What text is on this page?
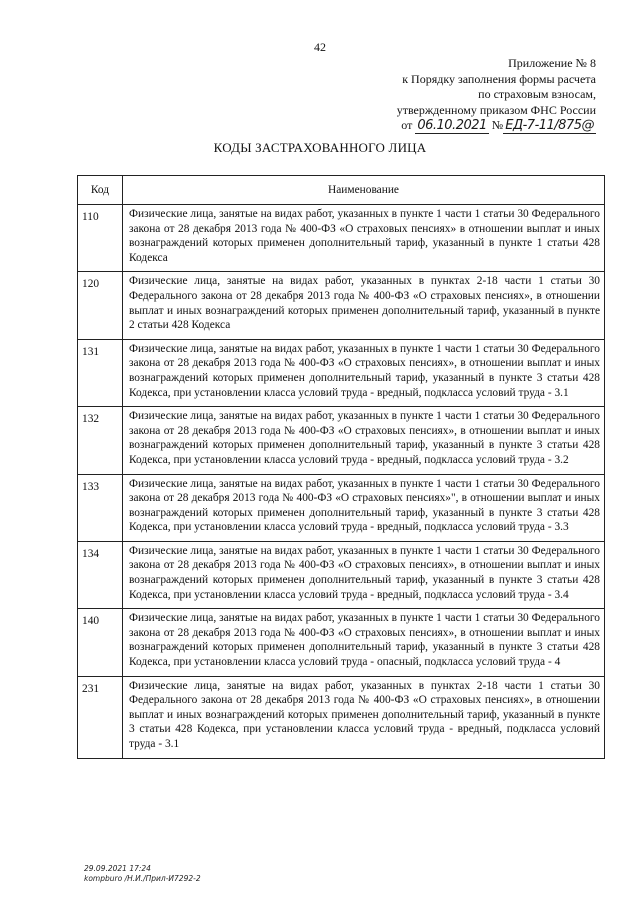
42
Приложение № 8
к Порядку заполнения формы расчета
по страховым взносам,
утвержденному приказом ФНС России
от 06.10.2021 № ЕД-7-11/875@
КОДЫ ЗАСТРАХОВАННОГО ЛИЦА
Код	Наименование
110	Физические лица, занятые на видах работ, указанных в пункте 1 части 1 статьи 30 Федерального закона от 28 декабря 2013 года № 400-ФЗ «О страховых пенсиях» в отношении выплат и иных вознаграждений которых применен дополнительный тариф, указанный в пункте 1 статьи 428 Кодекса
120	Физические лица, занятые на видах работ, указанных в пунктах 2-18 части 1 статьи 30 Федерального закона от 28 декабря 2013 года № 400-ФЗ «О страховых пенсиях», в отношении выплат и иных вознаграждений которых применен дополнительный тариф, указанный в пункте 2 статьи 428 Кодекса
131	Физические лица, занятые на видах работ, указанных в пункте 1 части 1 статьи 30 Федерального закона от 28 декабря 2013 года № 400-ФЗ «О страховых пенсиях», в отношении выплат и иных вознаграждений которых применен дополнительный тариф, указанный в пункте 3 статьи 428 Кодекса, при установлении класса условий труда - вредный, подкласса условий труда - 3.1
132	Физические лица, занятые на видах работ, указанных в пункте 1 части 1 статьи 30 Федерального закона от 28 декабря 2013 года № 400-ФЗ «О страховых пенсиях», в отношении выплат и иных вознаграждений которых применен дополнительный тариф, указанный в пункте 3 статьи 428 Кодекса, при установлении класса условий труда - вредный, подкласса условий труда - 3.2
133	Физические лица, занятые на видах работ, указанных в пункте 1 части 1 статьи 30 Федерального закона от 28 декабря 2013 года № 400-ФЗ «О страховых пенсиях»", в отношении выплат и иных вознаграждений которых применен дополнительный тариф, указанный в пункте 3 статьи 428 Кодекса, при установлении класса условий труда - вредный, подкласса условий труда - 3.3
134	Физические лица, занятые на видах работ, указанных в пункте 1 части 1 статьи 30 Федерального закона от 28 декабря 2013 года № 400-ФЗ «О страховых пенсиях», в отношении выплат и иных вознаграждений которых применен дополнительный тариф, указанный в пункте 3 статьи 428 Кодекса, при установлении класса условий труда - вредный, подкласса условий труда - 3.4
140	Физические лица, занятые на видах работ, указанных в пункте 1 части 1 статьи 30 Федерального закона от 28 декабря 2013 года № 400-ФЗ «О страховых пенсиях», в отношении выплат и иных вознаграждений которых применен дополнительный тариф, указанный в пункте 3 статьи 428 Кодекса, при установлении класса условий труда - опасный, подкласса условий труда - 4
231	Физические лица, занятые на видах работ, указанных в пунктах 2-18 части 1 статьи 30 Федерального закона от 28 декабря 2013 года № 400-ФЗ «О страховых пенсиях», в отношении выплат и иных вознаграждений которых применен дополнительный тариф, указанный в пункте 3 статьи 428 Кодекса, при установлении класса условий труда - вредный, подкласса условий труда - 3.1
29.09.2021 17:24
kompburo /Н.И./Прил-И7292-2
